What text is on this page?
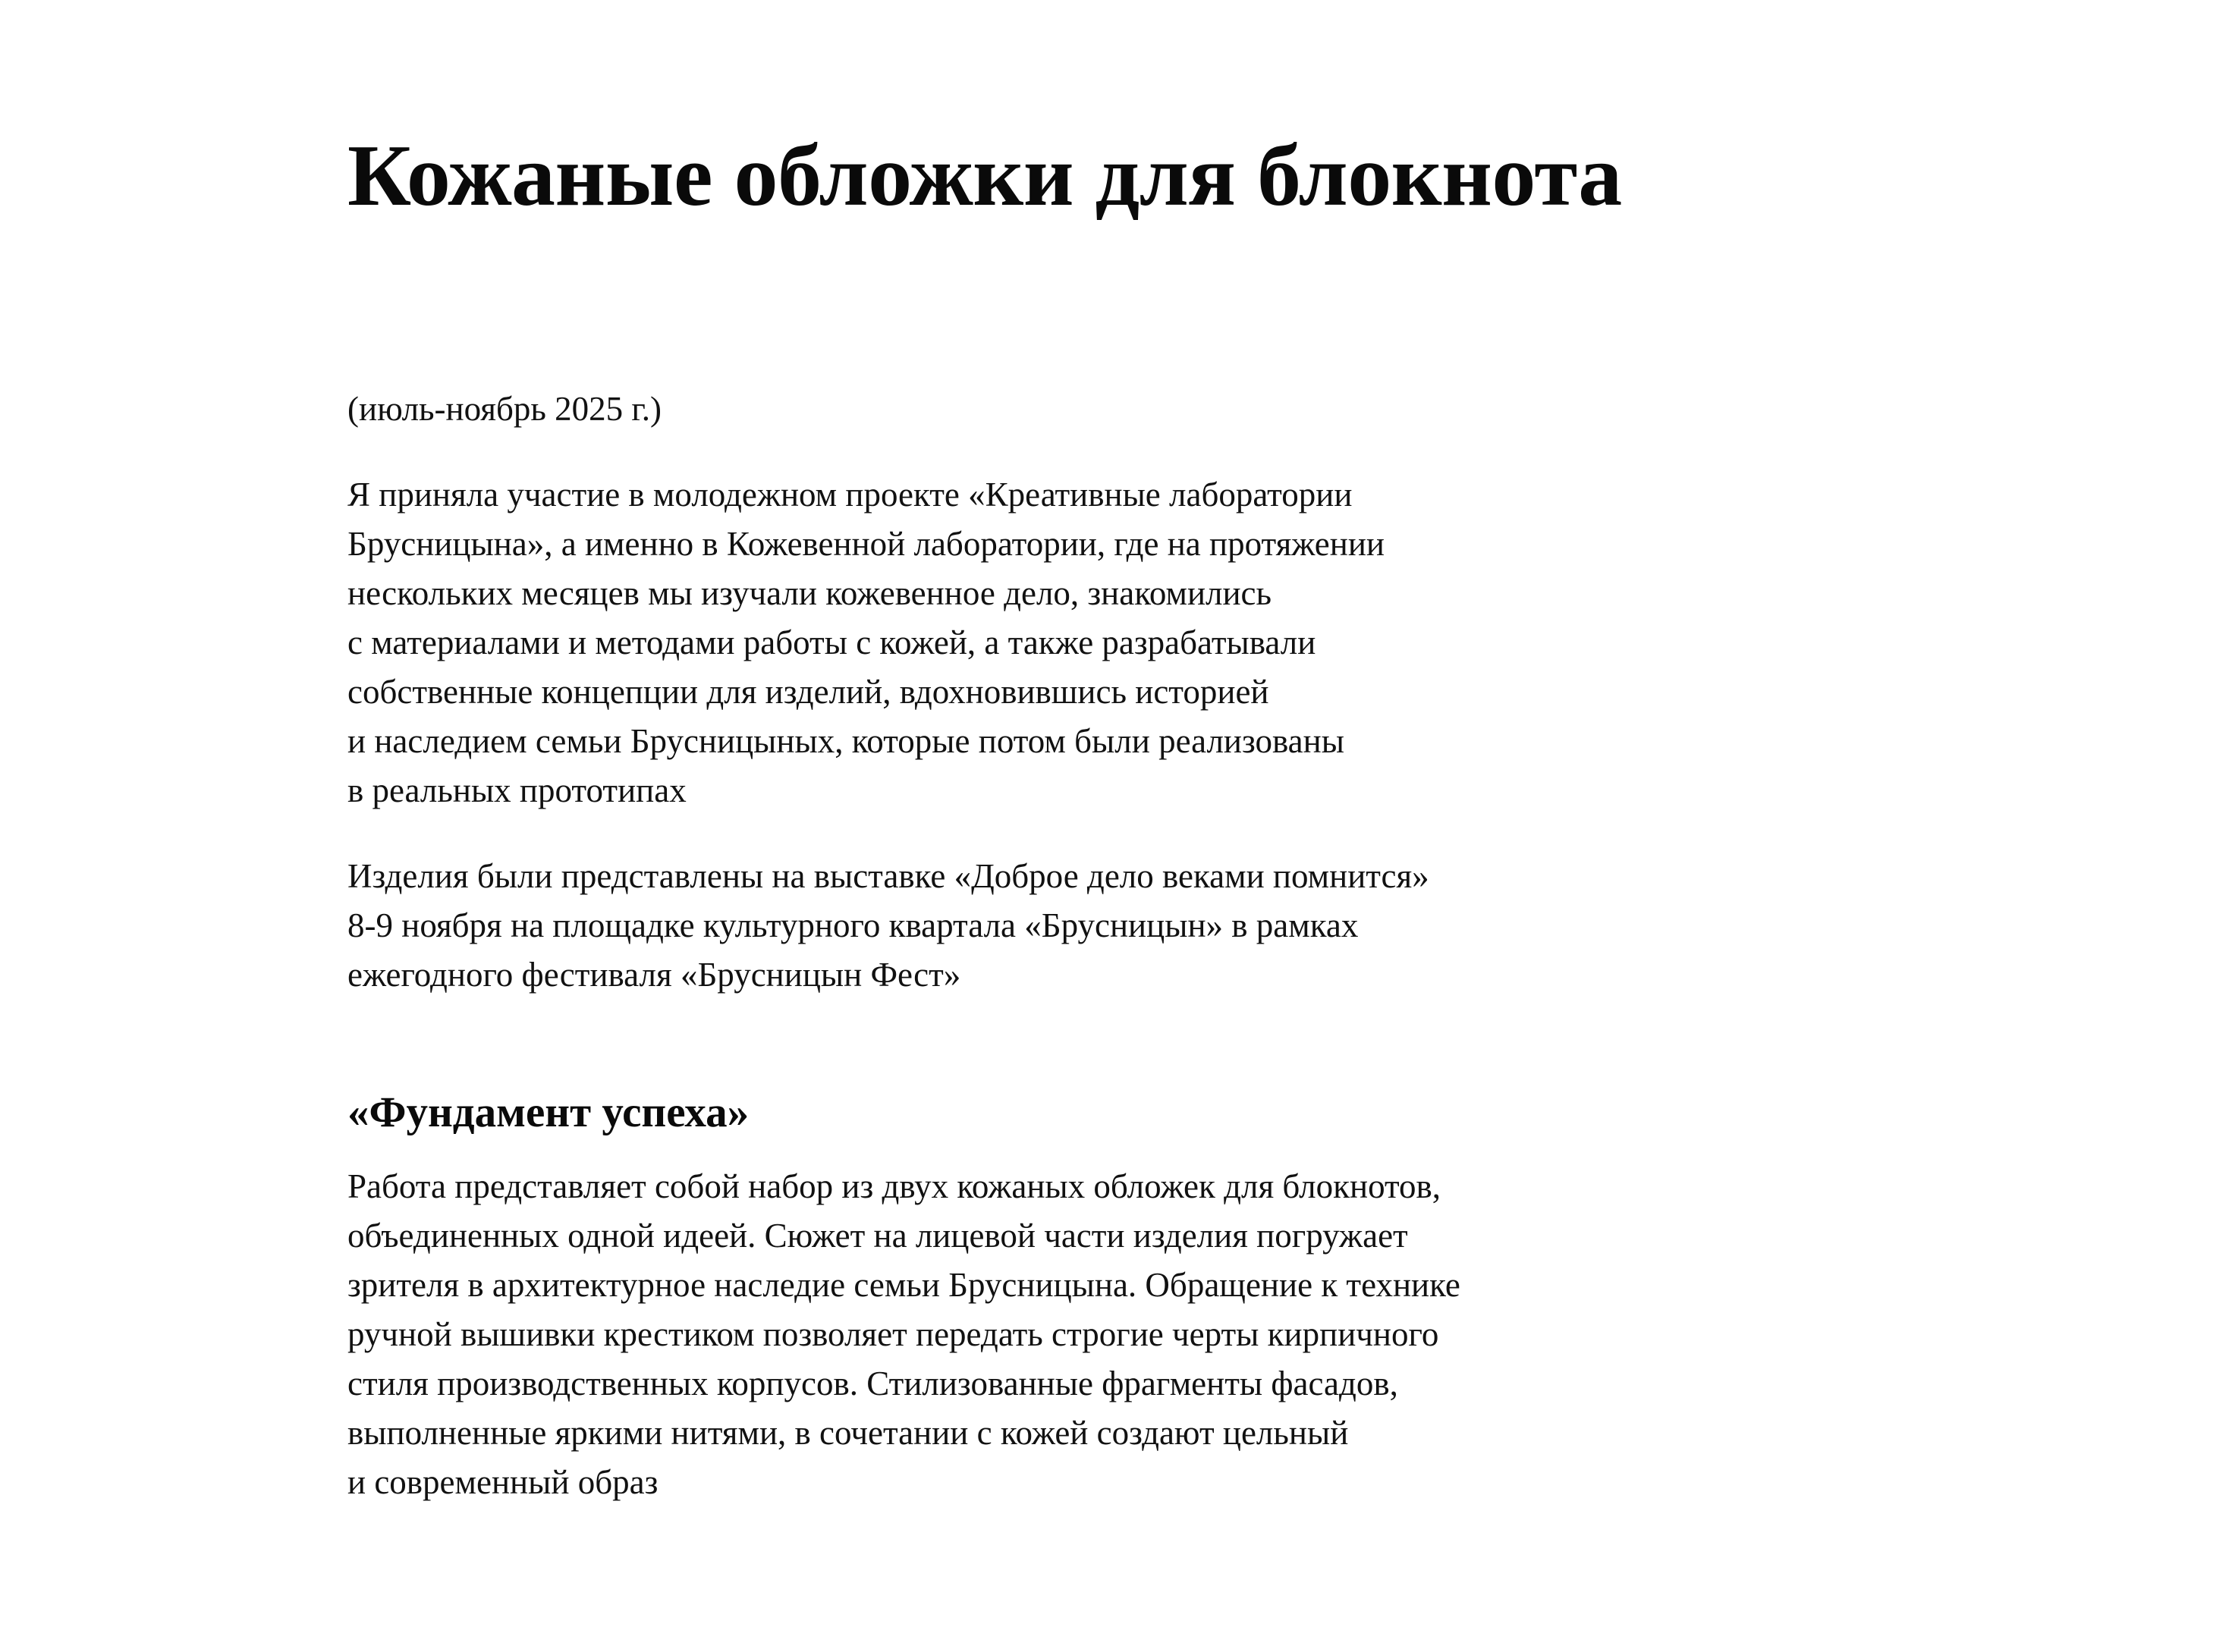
Кожаные обложки для блокнота

(июль-ноябрь 2025 г.)

Я приняла участие в молодежном проекте «Креативные лаборатории
Брусницына», а именно в Кожевенной лаборатории, где на протяжении
нескольких месяцев мы изучали кожевенное дело, знакомились
с материалами и методами работы с кожей, а также разрабатывали
собственные концепции для изделий, вдохновившись историей
и наследием семьи Брусницыных, которые потом были реализованы
в реальных прототипах
Изделия были представлены на выставке «Доброе дело веками помнится»
8-9 ноября на площадке культурного квартала «Брусницын» в рамках
ежегодного фестиваля «Брусницын Фест»
«Фундамент успеха»
Работа представляет собой набор из двух кожаных обложек для блокнотов,
объединенных одной идеей. Сюжет на лицевой части изделия погружает
зрителя в архитектурное наследие семьи Брусницына. Обращение к технике
ручной вышивки крестиком позволяет передать строгие черты кирпичного
стиля производственных корпусов. Стилизованные фрагменты фасадов,
выполненные яркими нитями, в сочетании с кожей создают цельный
и современный образ
